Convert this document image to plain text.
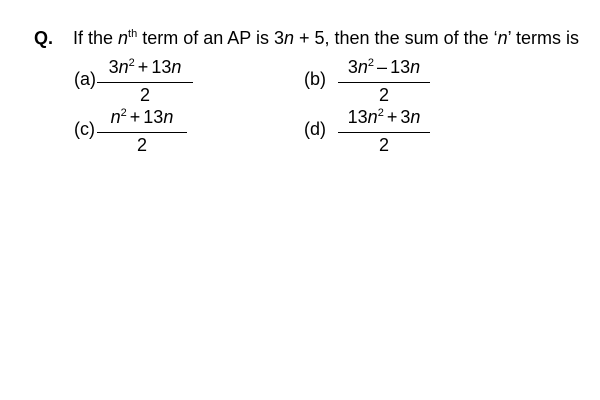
Q. If the $n^{th}$ term of an AP is 3n + 5, then the sum of the ‘n’ terms is
$(a) \frac{3n^2 + 13n}{2}$	$(b) \frac{3n^2 - 13n}{2}$
$(c) \frac{n^2 + 13n}{2}$	$(d) \frac{13n^2 + 3n}{2}$
